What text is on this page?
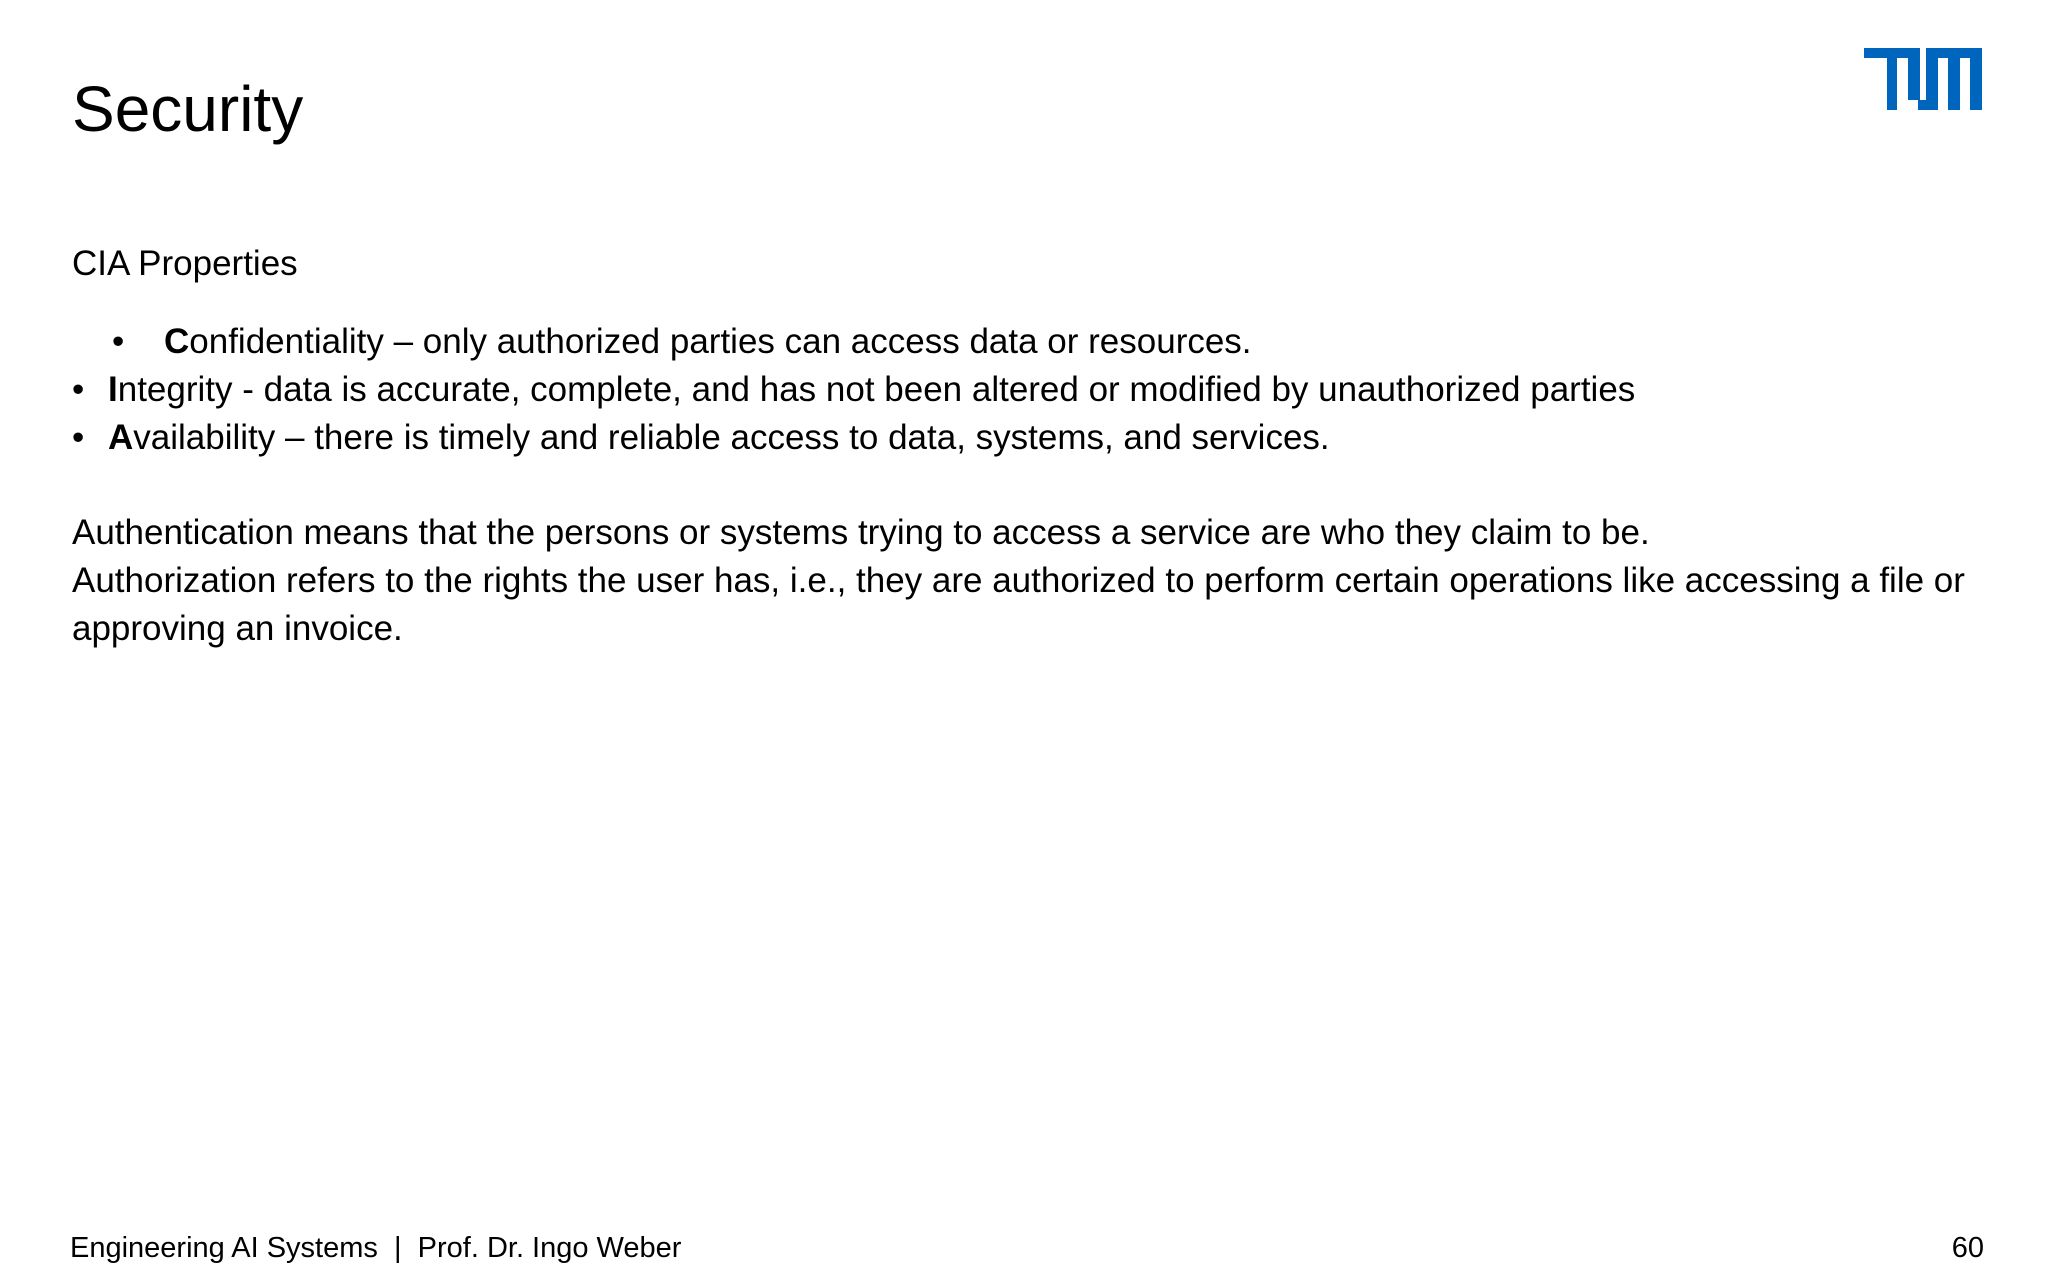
Security

CIA Properties

• Confidentiality – only authorized parties can access data or resources.
• Integrity - data is accurate, complete, and has not been altered or modified by unauthorized parties
• Availability – there is timely and reliable access to data, systems, and services.

Authentication means that the persons or systems trying to access a service are who they claim to be.

Authorization refers to the rights the user has, i.e., they are authorized to perform certain operations like accessing a file or approving an invoice.

Engineering AI Systems  |  Prof. Dr. Ingo Weber	60
